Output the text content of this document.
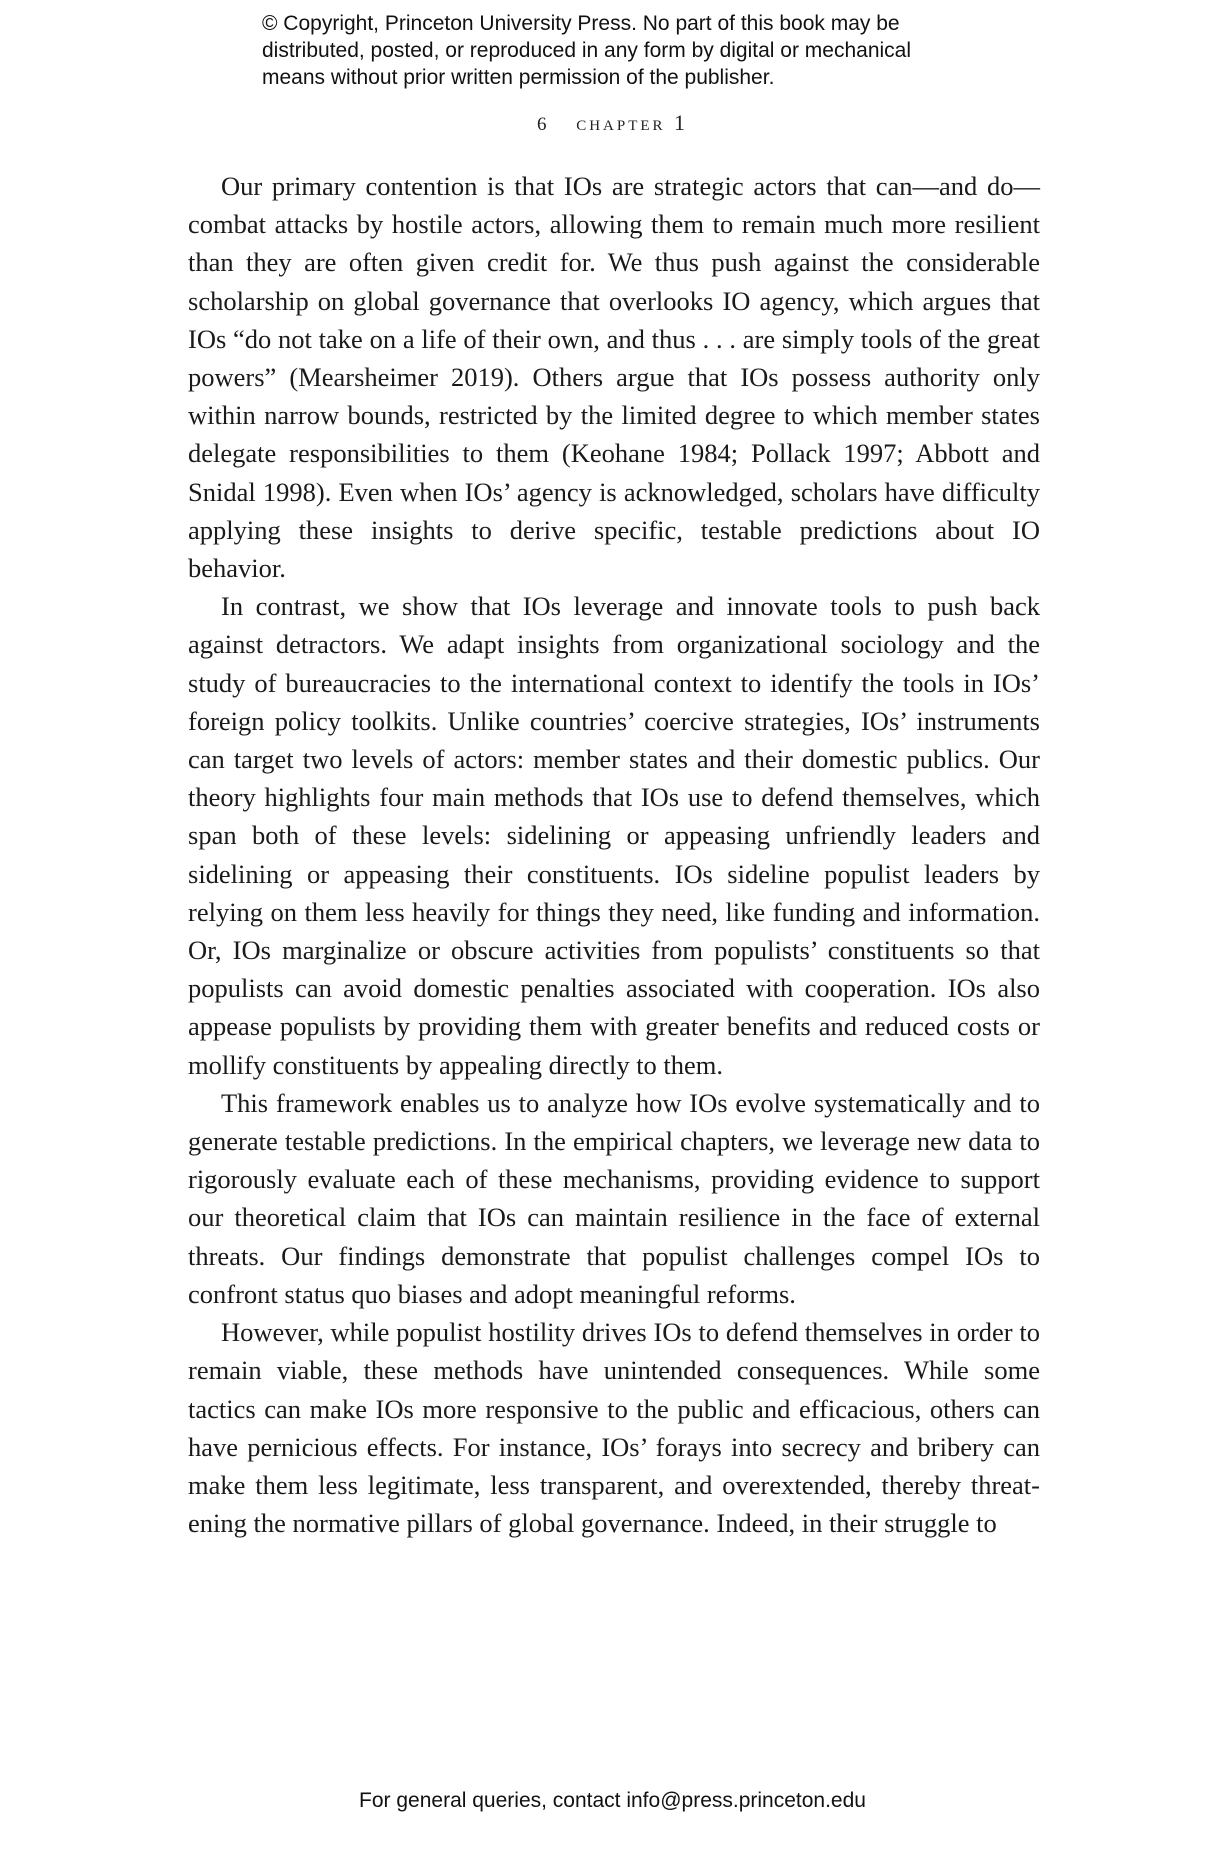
© Copyright, Princeton University Press. No part of this book may be
distributed, posted, or reproduced in any form by digital or mechanical
means without prior written permission of the publisher.
6 chapter 1

Our primary contention is that IOs are strategic actors that can—and do—combat attacks by hostile actors, allowing them to remain much more resilient than they are often given credit for. We thus push against the considerable scholarship on global governance that overlooks IO agency, which argues that IOs “do not take on a life of their own, and thus . . . are simply tools of the great powers” (Mearsheimer 2019). Others argue that IOs possess authority only within narrow bounds, restricted by the limited degree to which member states delegate responsibilities to them (Keohane 1984; Pollack 1997; Abbott and Snidal 1998). Even when IOs’ agency is acknowledged, scholars have difficulty applying these insights to derive specific, testable predictions about IO behavior.

In contrast, we show that IOs leverage and innovate tools to push back against detractors. We adapt insights from organizational sociology and the study of bureaucracies to the international context to identify the tools in IOs’ foreign policy toolkits. Unlike countries’ coercive strategies, IOs’ instruments can target two levels of actors: member states and their domestic publics. Our theory highlights four main methods that IOs use to defend themselves, which span both of these levels: sidelining or appeasing unfriendly leaders and sidelining or appeasing their constituents. IOs sideline populist leaders by relying on them less heavily for things they need, like funding and information. Or, IOs marginalize or obscure activities from populists’ constituents so that populists can avoid domestic penalties associated with cooperation. IOs also appease populists by providing them with greater benefits and reduced costs or mollify constituents by appealing directly to them.

This framework enables us to analyze how IOs evolve systematically and to generate testable predictions. In the empirical chapters, we leverage new data to rigorously evaluate each of these mechanisms, providing evidence to support our theoretical claim that IOs can maintain resilience in the face of external threats. Our findings demonstrate that populist challenges compel IOs to confront status quo biases and adopt meaningful reforms.

However, while populist hostility drives IOs to defend themselves in order to remain viable, these methods have unintended consequences. While some tactics can make IOs more responsive to the public and efficacious, others can have pernicious effects. For instance, IOs’ forays into secrecy and bribery can make them less legitimate, less transparent, and overextended, thereby threatening the normative pillars of global governance. Indeed, in their struggle to

For general queries, contact info@press.princeton.edu
